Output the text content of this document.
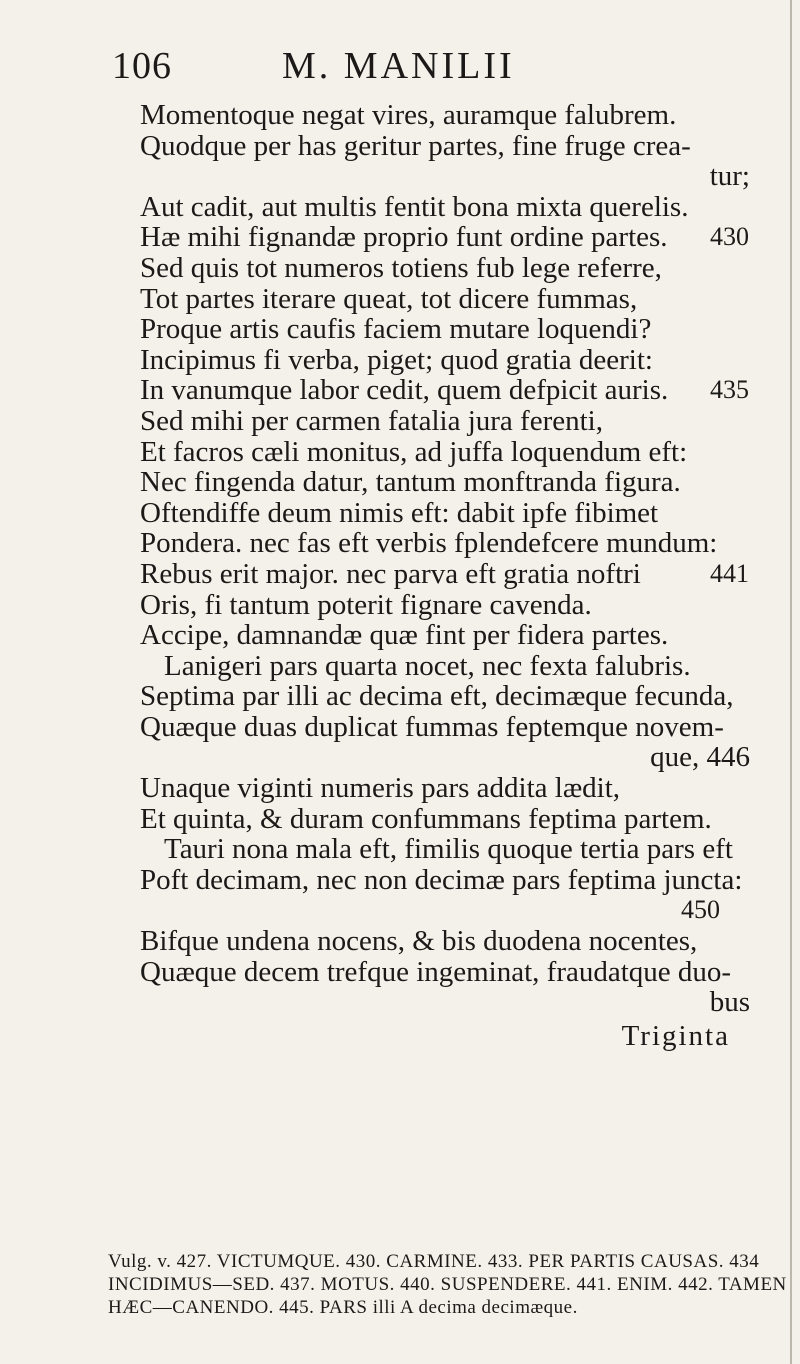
106	M. MANILII
Momentoque negat vires, auramque falubrem.
Quodque per has geritur partes, fine fruge crea-
tur;
Aut cadit, aut multis fentit bona mixta querelis.
Hæ mihi fignandæ proprio funt ordine partes. 430
Sed quis tot numeros totiens fub lege referre,
Tot partes iterare queat, tot dicere fummas,
Proque artis caufis faciem mutare loquendi?
Incipimus fi verba, piget; quod gratia deerit:
In vanumque labor cedit, quem defpicit auris. 435
Sed mihi per carmen fatalia jura ferenti,
Et facros cæli monitus, ad juffa loquendum eft:
Nec fingenda datur, tantum monftranda figura.
Oftendiffe deum nimis eft: dabit ipfe fibimet
Pondera. nec fas eft verbis fplendefcere mundum:
Rebus erit major. nec parva eft gratia noftri	441
Oris, fi tantum poterit fignare cavenda.
Accipe, damnandæ quæ fint per fidera partes.
Lanigeri pars quarta nocet, nec fexta falubris.
Septima par illi ac decima eft, decimæque fecunda,
Quæque duas duplicat fummas feptemque novem-
que, 446
Unaque viginti numeris pars addita lædit,
Et quinta, & duram confummans feptima partem.
Tauri nona mala eft, fimilis quoque tertia pars eft
Poft decimam, nec non decimæ pars feptima juncta:
450
Bifque undena nocens, & bis duodena nocentes,
Quæque decem trefque ingeminat, fraudatque duo-
bus
Triginta
Vulg. v. 427. VICTUMQUE. 430. CARMINE. 433. PER PARTIS CAUSAS. 434 INCIDIMUS—SED. 437. MOTUS. 440. SUSPENDERE. 441. ENIM. 442. TAMEN HÆC—CANENDO. 445. PARS illi A decima decimæque.
